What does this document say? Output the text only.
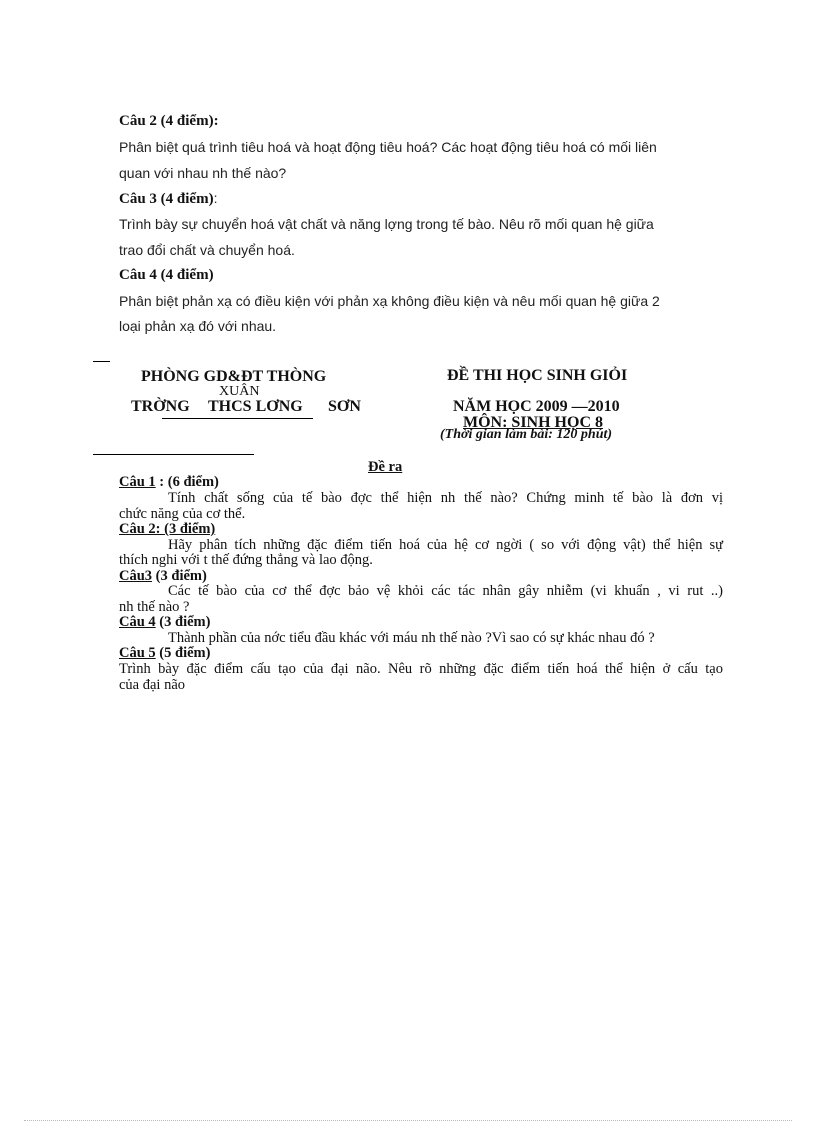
Câu 2 (4 điểm):
Phân biệt quá trình tiêu hoá và hoạt động tiêu hoá? Các hoạt động tiêu hoá có mối liên
quan với nhau nh thế nào?
Câu 3 (4 điểm):
Trình bày sự chuyển hoá vật chất và năng lợng trong tế bào. Nêu rõ mối quan hệ giữa
trao đổi chất và chuyển hoá.
Câu 4 (4 điểm)
Phân biệt phản xạ có điều kiện với phản xạ không điều kiện và nêu mối quan hệ giữa 2
loại phản xạ đó với nhau.
PHÒNG GD&ĐT THÒNG
XUÂN
TRỜNG THCS LƠNG SƠN
ĐỀ THI HỌC SINH GIỎI
NĂM HỌC 2009 —2010
MÔN: SINH HỌC 8
(Thời gian làm bài: 120 phút)
Đề ra
Câu 1 : (6 điểm)
Tính chất sống của tế bào đợc thể hiện nh thế nào? Chứng minh tế bào là đơn vị
chức năng của cơ thể.
Câu 2: (3 điểm)
Hãy phân tích những đặc điểm tiến hoá của hệ cơ ngời ( so với động vật) thể hiện sự
thích nghi với t thế đứng thẳng và lao động.
Câu3 (3 điểm)
Các tế bào của cơ thể đợc bảo vệ khỏi các tác nhân gây nhiễm (vi khuẩn , vi rut ..)
nh thế nào ?
Câu 4 (3 điểm)
Thành phần của nớc tiểu đầu khác với máu nh thế nào ?Vì sao có sự khác nhau đó ?
Câu 5 (5 điểm)
Trình bày đặc điểm cấu tạo của đại não. Nêu rõ những đặc điểm tiến hoá thể hiện ở cấu tạo
của đại não
